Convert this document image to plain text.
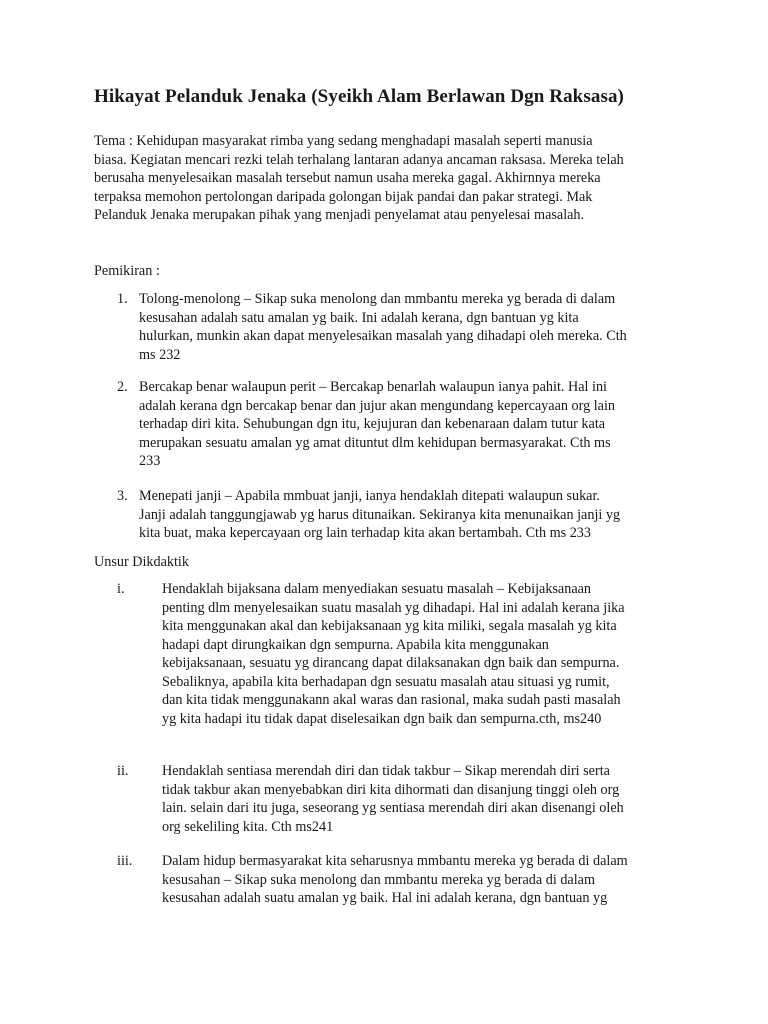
Hikayat Pelanduk Jenaka (Syeikh Alam Berlawan Dgn Raksasa)
Tema : Kehidupan masyarakat rimba yang sedang menghadapi masalah seperti manusia
biasa. Kegiatan mencari rezki telah terhalang lantaran adanya ancaman raksasa. Mereka telah
berusaha menyelesaikan masalah tersebut namun usaha mereka gagal. Akhirnnya mereka
terpaksa memohon pertolongan daripada golongan bijak pandai dan pakar strategi. Mak
Pelanduk Jenaka merupakan pihak yang menjadi penyelamat atau penyelesai masalah.
Pemikiran :
1. Tolong-menolong – Sikap suka menolong dan mmbantu mereka yg berada di dalam
kesusahan adalah satu amalan yg baik. Ini adalah kerana, dgn bantuan yg kita
hulurkan, munkin akan dapat menyelesaikan masalah yang dihadapi oleh mereka. Cth
ms 232
2. Bercakap benar walaupun perit – Bercakap benarlah walaupun ianya pahit. Hal ini
adalah kerana dgn bercakap benar dan jujur akan mengundang kepercayaan org lain
terhadap diri kita. Sehubungan dgn itu, kejujuran dan kebenaraan dalam tutur kata
merupakan sesuatu amalan yg amat dituntut dlm kehidupan bermasyarakat. Cth ms
233
3. Menepati janji – Apabila mmbuat janji, ianya hendaklah ditepati walaupun sukar.
Janji adalah tanggungjawab yg harus ditunaikan. Sekiranya kita menunaikan janji yg
kita buat, maka kepercayaan org lain terhadap kita akan bertambah. Cth ms 233
Unsur Dikdaktik
i.	Hendaklah bijaksana dalam menyediakan sesuatu masalah – Kebijaksanaan
penting dlm menyelesaikan suatu masalah yg dihadapi. Hal ini adalah kerana jika
kita menggunakan akal dan kebijaksanaan yg kita miliki, segala masalah yg kita
hadapi dapt dirungkaikan dgn sempurna. Apabila kita menggunakan
kebijaksanaan, sesuatu yg dirancang dapat dilaksanakan dgn baik dan sempurna.
Sebaliknya, apabila kita berhadapan dgn sesuatu masalah atau situasi yg rumit,
dan kita tidak menggunakann akal waras dan rasional, maka sudah pasti masalah
yg kita hadapi itu tidak dapat diselesaikan dgn baik dan sempurna.cth, ms240
ii. Hendaklah sentiasa merendah diri dan tidak takbur – Sikap merendah diri serta
tidak takbur akan menyebabkan diri kita dihormati dan disanjung tinggi oleh org
lain. selain dari itu juga, seseorang yg sentiasa merendah diri akan disenangi oleh
org sekeliling kita. Cth ms241
iii. Dalam hidup bermasyarakat kita seharusnya mmbantu mereka yg berada di dalam
kesusahan – Sikap suka menolong dan mmbantu mereka yg berada di dalam
kesusahan adalah suatu amalan yg baik. Hal ini adalah kerana, dgn bantuan yg
